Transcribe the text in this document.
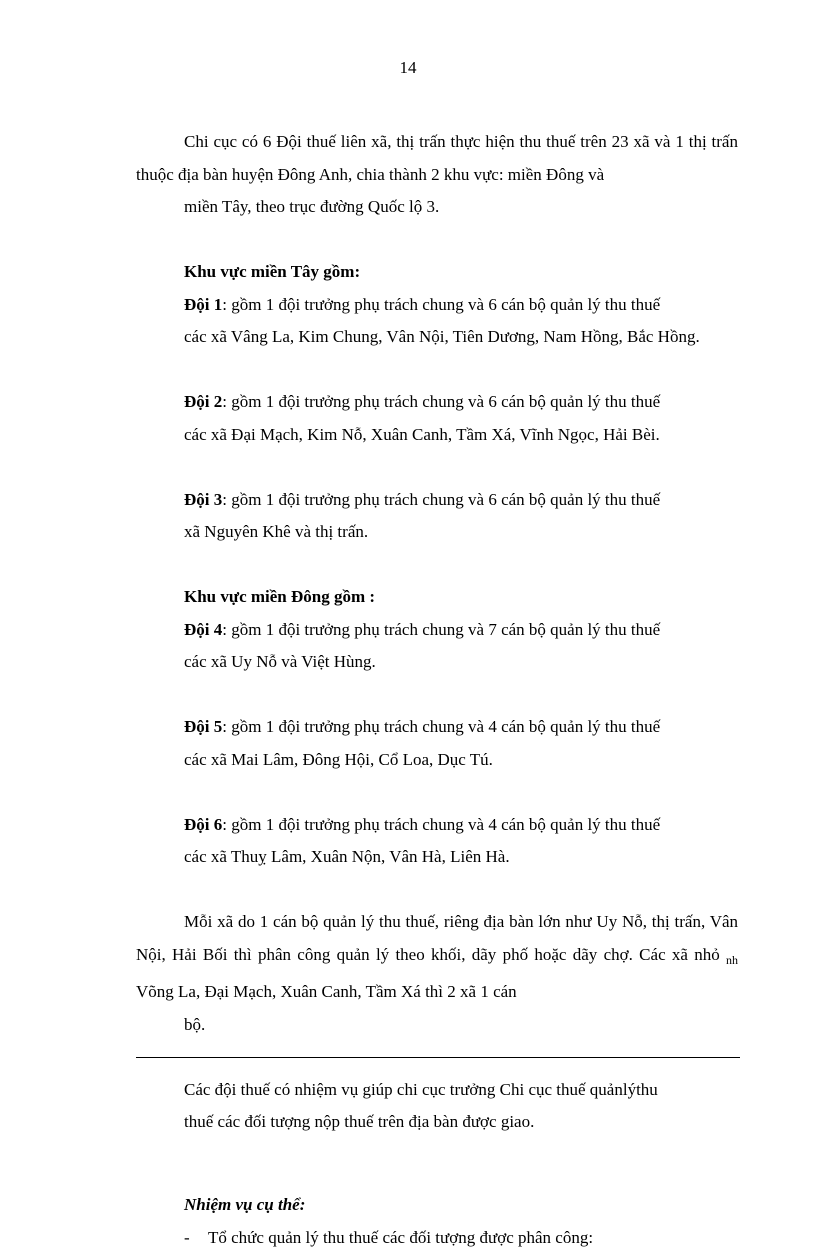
14

Chi cục có 6 Đội thuế liên xã, thị trấn thực hiện thu thuế trên 23 xã và 1 thị trấn thuộc địa bàn huyện Đông Anh, chia thành 2 khu vực: miền Đông và
miền Tây, theo trục đường Quốc lộ 3.

Khu vực miền Tây gồm:

Đội 1: gồm 1 đội trưởng phụ trách chung và 6 cán bộ quản lý thu thuế
các xã Vâng La, Kim Chung, Vân Nội, Tiên Dương, Nam Hồng, Bắc Hồng.

Đội 2: gồm 1 đội trưởng phụ trách chung và 6 cán bộ quản lý thu thuế
các xã Đại Mạch, Kim Nỗ, Xuân Canh, Tầm Xá, Vĩnh Ngọc, Hải Bèi.

Đội 3: gồm 1 đội trưởng phụ trách chung và 6 cán bộ quản lý thu thuế
xã Nguyên Khê và thị trấn.

Khu vực miền Đông gồm :

Đội 4: gồm 1 đội trưởng phụ trách chung và 7 cán bộ quản lý thu thuế
các xã Uy Nỗ và Việt Hùng.

Đội 5: gồm 1 đội trưởng phụ trách chung và 4 cán bộ quản lý thu thuế
các xã Mai Lâm, Đông Hội, Cổ Loa, Dục Tú.

Đội 6: gồm 1 đội trưởng phụ trách chung và 4 cán bộ quản lý thu thuế
các xã Thuỵ Lâm, Xuân Nộn, Vân Hà, Liên Hà.

Mỗi xã do 1 cán bộ quản lý thu thuế, riêng địa bàn lớn như Uy Nỗ, thị trấn, Vân Nội, Hải Bối thì phân công quản lý theo khối, dãy phố hoặc dãy chợ. Các xã nhỏ $_{nh}$ Võng La, Đại Mạch, Xuân Canh, Tầm Xá thì 2 xã 1 cán
bộ.

Các đội thuế có nhiệm vụ giúp chi cục trưởng Chi cục thuế quảnlýthu
thuế các đối tượng nộp thuế trên địa bàn được giao.

Nhiệm vụ cụ thể:

-	Tổ chức quản lý thu thuế các đối tượng được phân công:
